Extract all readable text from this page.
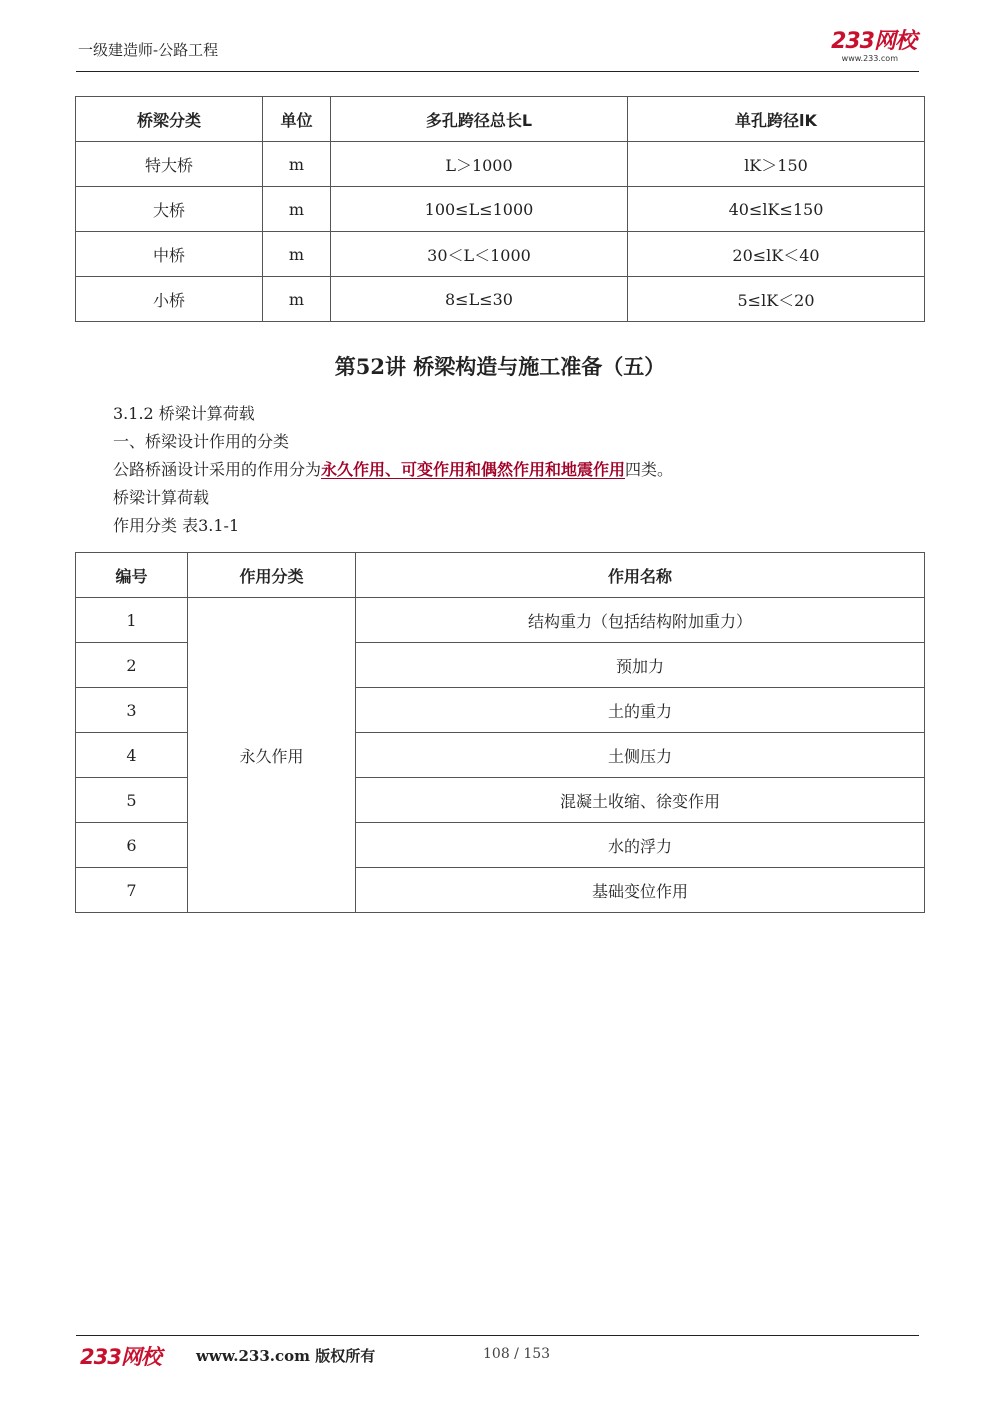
一级建造师-公路工程	233网校
www.233.com
桥梁分类	单位	多孔跨径总长L	单孔跨径lK
特大桥	m	L＞1000	lK＞150
大桥	m	100≤L≤1000	40≤lK≤150
中桥	m	30＜L＜1000	20≤lK＜40
小桥	m	8≤L≤30	5≤lK＜20
第52讲 桥梁构造与施工准备（五）
3.1.2 桥梁计算荷载
一、桥梁设计作用的分类
公路桥涵设计采用的作用分为永久作用、可变作用和偶然作用和地震作用四类。
桥梁计算荷载
作用分类 表3.1-1
编号	作用分类	作用名称
1	永久作用	结构重力（包括结构附加重力）
2		预加力
3		土的重力
4		土侧压力
5		混凝土收缩、徐变作用
6		水的浮力
7		基础变位作用
233网校 www.233.com 版权所有	108 / 153
